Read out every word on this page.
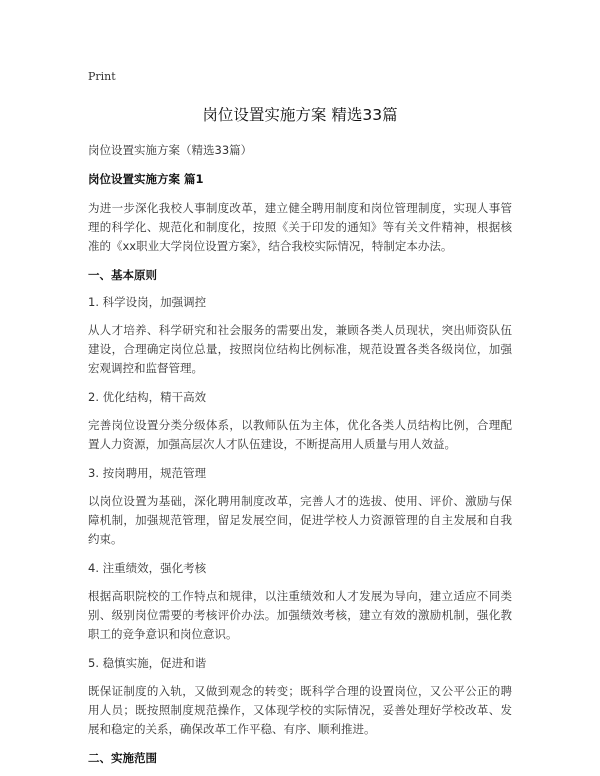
Print
岗位设置实施方案 精选33篇
岗位设置实施方案（精选33篇）
岗位设置实施方案 篇1

为进一步深化我校人事制度改革，建立健全聘用制度和岗位管理制度，实现人事管理的科学化、规范化和制度化，按照《关于印发的通知》等有关文件精神，根据核准的《xx职业大学岗位设置方案》，结合我校实际情况，特制定本办法。

一、基本原则
1. 科学设岗，加强调控

从人才培养、科学研究和社会服务的需要出发，兼顾各类人员现状，突出师资队伍建设，合理确定岗位总量，按照岗位结构比例标准，规范设置各类各级岗位，加强宏观调控和监督管理。

2. 优化结构，精干高效

完善岗位设置分类分级体系，以教师队伍为主体，优化各类人员结构比例，合理配置人力资源，加强高层次人才队伍建设，不断提高用人质量与用人效益。

3. 按岗聘用，规范管理

以岗位设置为基础，深化聘用制度改革，完善人才的选拔、使用、评价、激励与保障机制，加强规范管理，留足发展空间，促进学校人力资源管理的自主发展和自我约束。

4. 注重绩效，强化考核

根据高职院校的工作特点和规律，以注重绩效和人才发展为导向，建立适应不同类别、级别岗位需要的考核评价办法。加强绩效考核，建立有效的激励机制，强化教职工的竞争意识和岗位意识。

5. 稳慎实施，促进和谐

既保证制度的入轨，又做到观念的转变；既科学合理的设置岗位，又公平公正的聘用人员；既按照制度规范操作，又体现学校的实际情况，妥善处理好学校改革、发展和稳定的关系，确保改革工作平稳、有序、顺利推进。

二、实施范围
